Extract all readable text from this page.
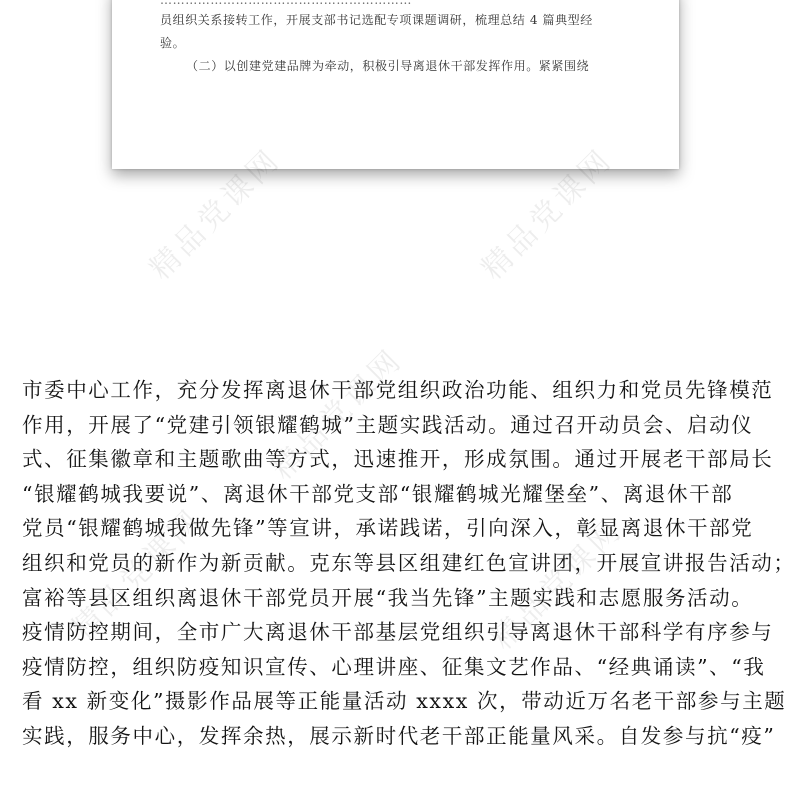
……………………………………………………

员组织关系接转工作，开展支部书记选配专项课题调研，梳理总结 4 篇典型经

验。

（二）以创建党建品牌为牵动，积极引导离退休干部发挥作用。紧紧围绕

精品党课网	精品党课网
精品党课网
精品党课网	精品党课网
市委中心工作，充分发挥离退休干部党组织政治功能、组织力和党员先锋模范
作用，开展了“党建引领银耀鹤城”主题实践活动。通过召开动员会、启动仪
式、征集徽章和主题歌曲等方式，迅速推开，形成氛围。通过开展老干部局长
“银耀鹤城我要说”、离退休干部党支部“银耀鹤城光耀堡垒”、离退休干部
党员“银耀鹤城我做先锋”等宣讲，承诺践诺，引向深入，彰显离退休干部党
组织和党员的新作为新贡献。克东等县区组建红色宣讲团，开展宣讲报告活动；
富裕等县区组织离退休干部党员开展“我当先锋”主题实践和志愿服务活动。
疫情防控期间，全市广大离退休干部基层党组织引导离退休干部科学有序参与
疫情防控，组织防疫知识宣传、心理讲座、征集文艺作品、“经典诵读”、“我
看 xx 新变化”摄影作品展等正能量活动 xxxx 次，带动近万名老干部参与主题
实践，服务中心，发挥余热，展示新时代老干部正能量风采。自发参与抗“疫”
